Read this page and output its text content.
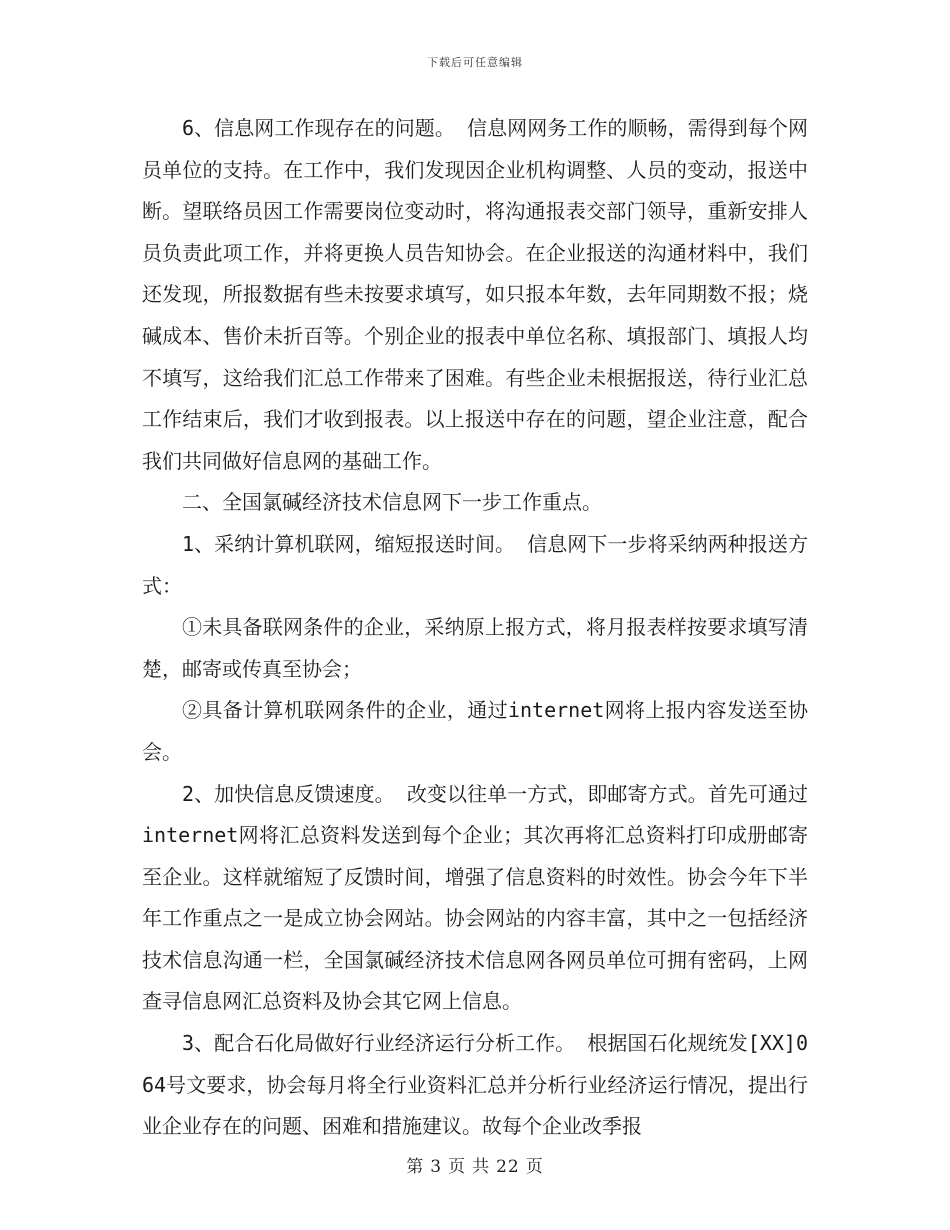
下载后可任意编辑

6、信息网工作现存在的问题。 信息网网务工作的顺畅，需得到每个网员单位的支持。在工作中，我们发现因企业机构调整、人员的变动，报送中断。望联络员因工作需要岗位变动时，将沟通报表交部门领导，重新安排人员负责此项工作，并将更换人员告知协会。在企业报送的沟通材料中，我们还发现，所报数据有些未按要求填写，如只报本年数，去年同期数不报；烧碱成本、售价未折百等。个别企业的报表中单位名称、填报部门、填报人均不填写，这给我们汇总工作带来了困难。有些企业未根据报送，待行业汇总工作结束后，我们才收到报表。以上报送中存在的问题，望企业注意，配合我们共同做好信息网的基础工作。

二、全国氯碱经济技术信息网下一步工作重点。

1、采纳计算机联网，缩短报送时间。 信息网下一步将采纳两种报送方式：

①未具备联网条件的企业，采纳原上报方式，将月报表样按要求填写清楚，邮寄或传真至协会；

②具备计算机联网条件的企业，通过internet网将上报内容发送至协会。

2、加快信息反馈速度。 改变以往单一方式，即邮寄方式。首先可通过internet网将汇总资料发送到每个企业；其次再将汇总资料打印成册邮寄至企业。这样就缩短了反馈时间，增强了信息资料的时效性。协会今年下半年工作重点之一是成立协会网站。协会网站的内容丰富，其中之一包括经济技术信息沟通一栏，全国氯碱经济技术信息网各网员单位可拥有密码，上网查寻信息网汇总资料及协会其它网上信息。

3、配合石化局做好行业经济运行分析工作。 根据国石化规统发[XX]064号文要求，协会每月将全行业资料汇总并分析行业经济运行情况，提出行业企业存在的问题、困难和措施建议。故每个企业改季报

第 3 页 共 22 页
